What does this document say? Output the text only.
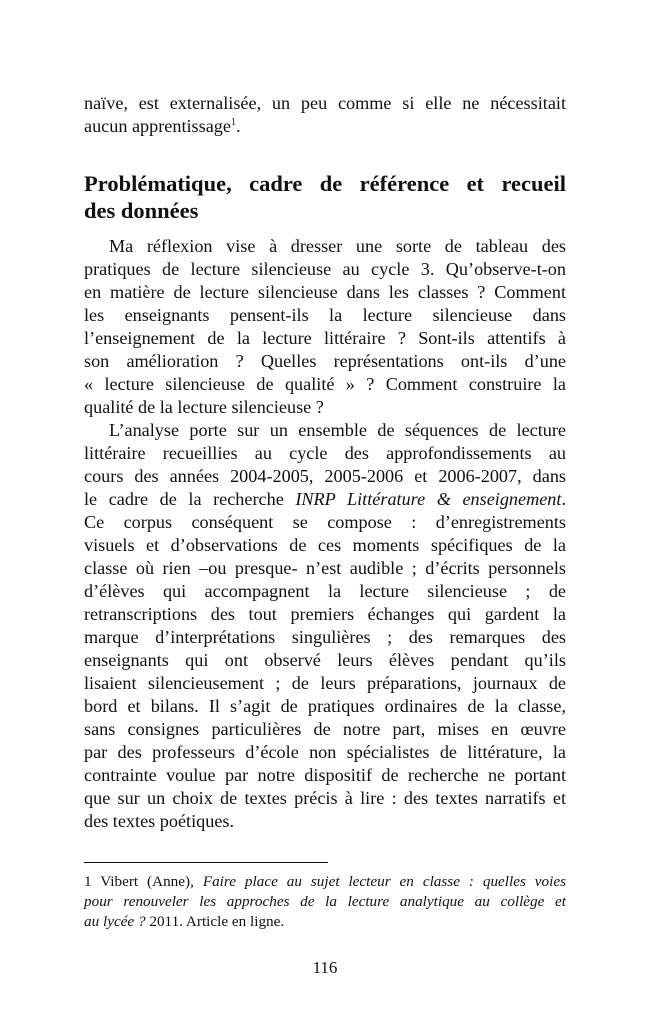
naïve, est externalisée, un peu comme si elle ne nécessitait
aucun apprentissage$^1$.
Problématique, cadre de référence et recueil
des données
Ma réflexion vise à dresser une sorte de tableau des
pratiques de lecture silencieuse au cycle 3. Qu’observe-t-on
en matière de lecture silencieuse dans les classes ? Comment
les enseignants pensent-ils la lecture silencieuse dans
l’enseignement de la lecture littéraire ? Sont-ils attentifs à
son amélioration ? Quelles représentations ont-ils d’une
« lecture silencieuse de qualité » ? Comment construire la
qualité de la lecture silencieuse ?
L’analyse porte sur un ensemble de séquences de lecture
littéraire recueillies au cycle des approfondissements au
cours des années 2004-2005, 2005-2006 et 2006-2007, dans
le cadre de la recherche INRP Littérature & enseignement.
Ce corpus conséquent se compose : d’enregistrements
visuels et d’observations de ces moments spécifiques de la
classe où rien –ou presque- n’est audible ; d’écrits personnels
d’élèves qui accompagnent la lecture silencieuse ; de
retranscriptions des tout premiers échanges qui gardent la
marque d’interprétations singulières ; des remarques des
enseignants qui ont observé leurs élèves pendant qu’ils
lisaient silencieusement ; de leurs préparations, journaux de
bord et bilans. Il s’agit de pratiques ordinaires de la classe,
sans consignes particulières de notre part, mises en œuvre
par des professeurs d’école non spécialistes de littérature, la
contrainte voulue par notre dispositif de recherche ne portant
que sur un choix de textes précis à lire : des textes narratifs et
des textes poétiques.
1 Vibert (Anne), Faire place au sujet lecteur en classe : quelles voies
pour renouveler les approches de la lecture analytique au collège et
au lycée ? 2011. Article en ligne.
116
